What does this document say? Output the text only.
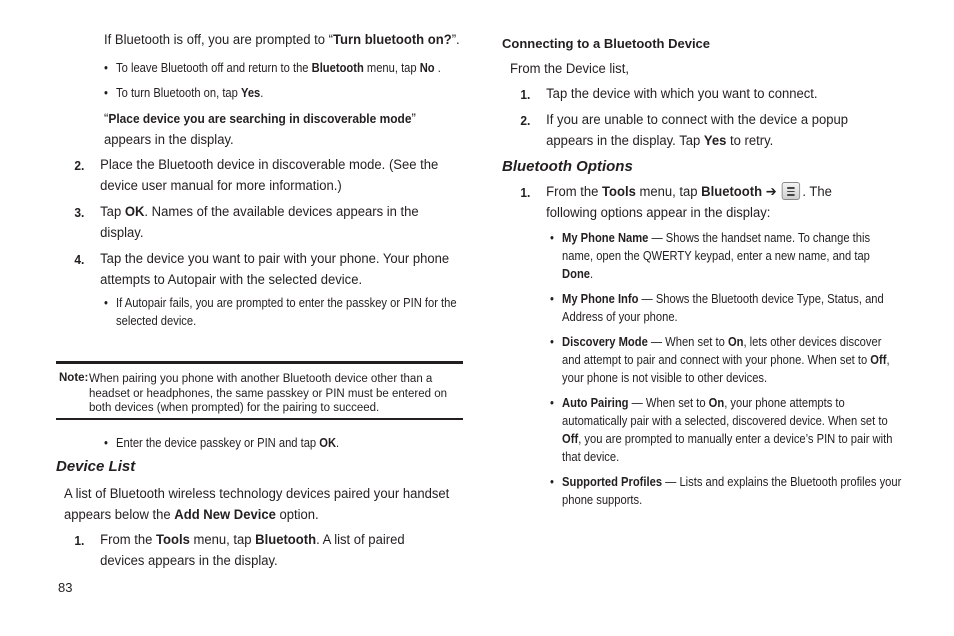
If Bluetooth is off, you are prompted to “Turn bluetooth on?”.
• To leave Bluetooth off and return to the Bluetooth menu, tap No .
• To turn Bluetooth on, tap Yes.
“Place device you are searching in discoverable mode” appears in the display.
2. Place the Bluetooth device in discoverable mode. (See the device user manual for more information.)
3. Tap OK. Names of the available devices appears in the display.
4. Tap the device you want to pair with your phone. Your phone attempts to Autopair with the selected device.
• If Autopair fails, you are prompted to enter the passkey or PIN for the selected device.
Note: When pairing you phone with another Bluetooth device other than a headset or headphones, the same passkey or PIN must be entered on both devices (when prompted) for the pairing to succeed.
• Enter the device passkey or PIN and tap OK.
Device List
A list of Bluetooth wireless technology devices paired your handset appears below the Add New Device option.
1. From the Tools menu, tap Bluetooth. A list of paired devices appears in the display.
83
Connecting to a Bluetooth Device
From the Device list,
1. Tap the device with which you want to connect.
2. If you are unable to connect with the device a popup appears in the display. Tap Yes to retry.
Bluetooth Options
1. From the Tools menu, tap Bluetooth ➔
. The following options appear in the display:
• My Phone Name — Shows the handset name. To change this name, open the QWERTY keypad, enter a new name, and tap Done.
• My Phone Info — Shows the Bluetooth device Type, Status, and Address of your phone.
• Discovery Mode — When set to On, lets other devices discover and attempt to pair and connect with your phone. When set to Off, your phone is not visible to other devices.
• Auto Pairing — When set to On, your phone attempts to automatically pair with a selected, discovered device. When set to Off, you are prompted to manually enter a device’s PIN to pair with that device.
• Supported Profiles — Lists and explains the Bluetooth profiles your phone supports.
